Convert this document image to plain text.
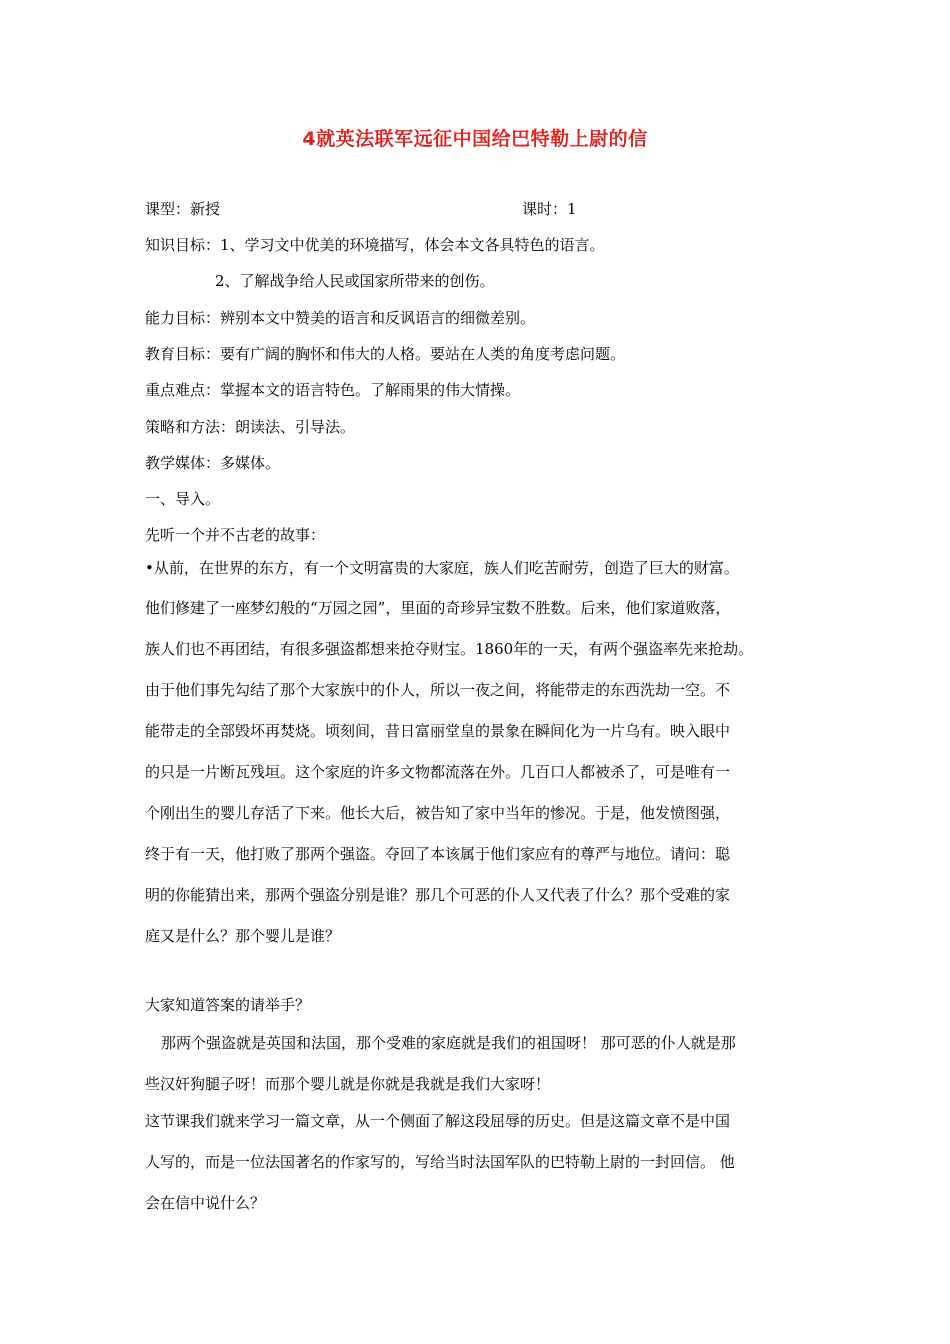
4就英法联军远征中国给巴特勒上尉的信
课型：新授	课时：1
知识目标：1、学习文中优美的环境描写，体会本文各具特色的语言。
2、了解战争给人民或国家所带来的创伤。
能力目标：辨别本文中赞美的语言和反讽语言的细微差别。
教育目标：要有广阔的胸怀和伟大的人格。要站在人类的角度考虑问题。
重点难点：掌握本文的语言特色。了解雨果的伟大情操。
策略和方法：朗读法、引导法。
教学媒体：多媒体。
一、导入。
先听一个并不古老的故事：
•从前，在世界的东方，有一个文明富贵的大家庭，族人们吃苦耐劳，创造了巨大的财富。
他们修建了一座梦幻般的“万园之园”，里面的奇珍异宝数不胜数。后来，他们家道败落，
族人们也不再团结，有很多强盗都想来抢夺财宝。1860年的一天，有两个强盗率先来抢劫。
由于他们事先勾结了那个大家族中的仆人，所以一夜之间，将能带走的东西洗劫一空。不
能带走的全部毁坏再焚烧。顷刻间，昔日富丽堂皇的景象在瞬间化为一片乌有。映入眼中
的只是一片断瓦残垣。这个家庭的许多文物都流落在外。几百口人都被杀了，可是唯有一
个刚出生的婴儿存活了下来。他长大后，被告知了家中当年的惨况。于是，他发愤图强，
终于有一天，他打败了那两个强盗。夺回了本该属于他们家应有的尊严与地位。请问：聪
明的你能猜出来，那两个强盗分别是谁？那几个可恶的仆人又代表了什么？那个受难的家
庭又是什么？那个婴儿是谁？
大家知道答案的请举手？
那两个强盗就是英国和法国，那个受难的家庭就是我们的祖国呀！ 那可恶的仆人就是那
些汉奸狗腿子呀！而那个婴儿就是你就是我就是我们大家呀！
这节课我们就来学习一篇文章，从一个侧面了解这段屈辱的历史。但是这篇文章不是中国
人写的，而是一位法国著名的作家写的，写给当时法国军队的巴特勒上尉的一封回信。 他
会在信中说什么？
